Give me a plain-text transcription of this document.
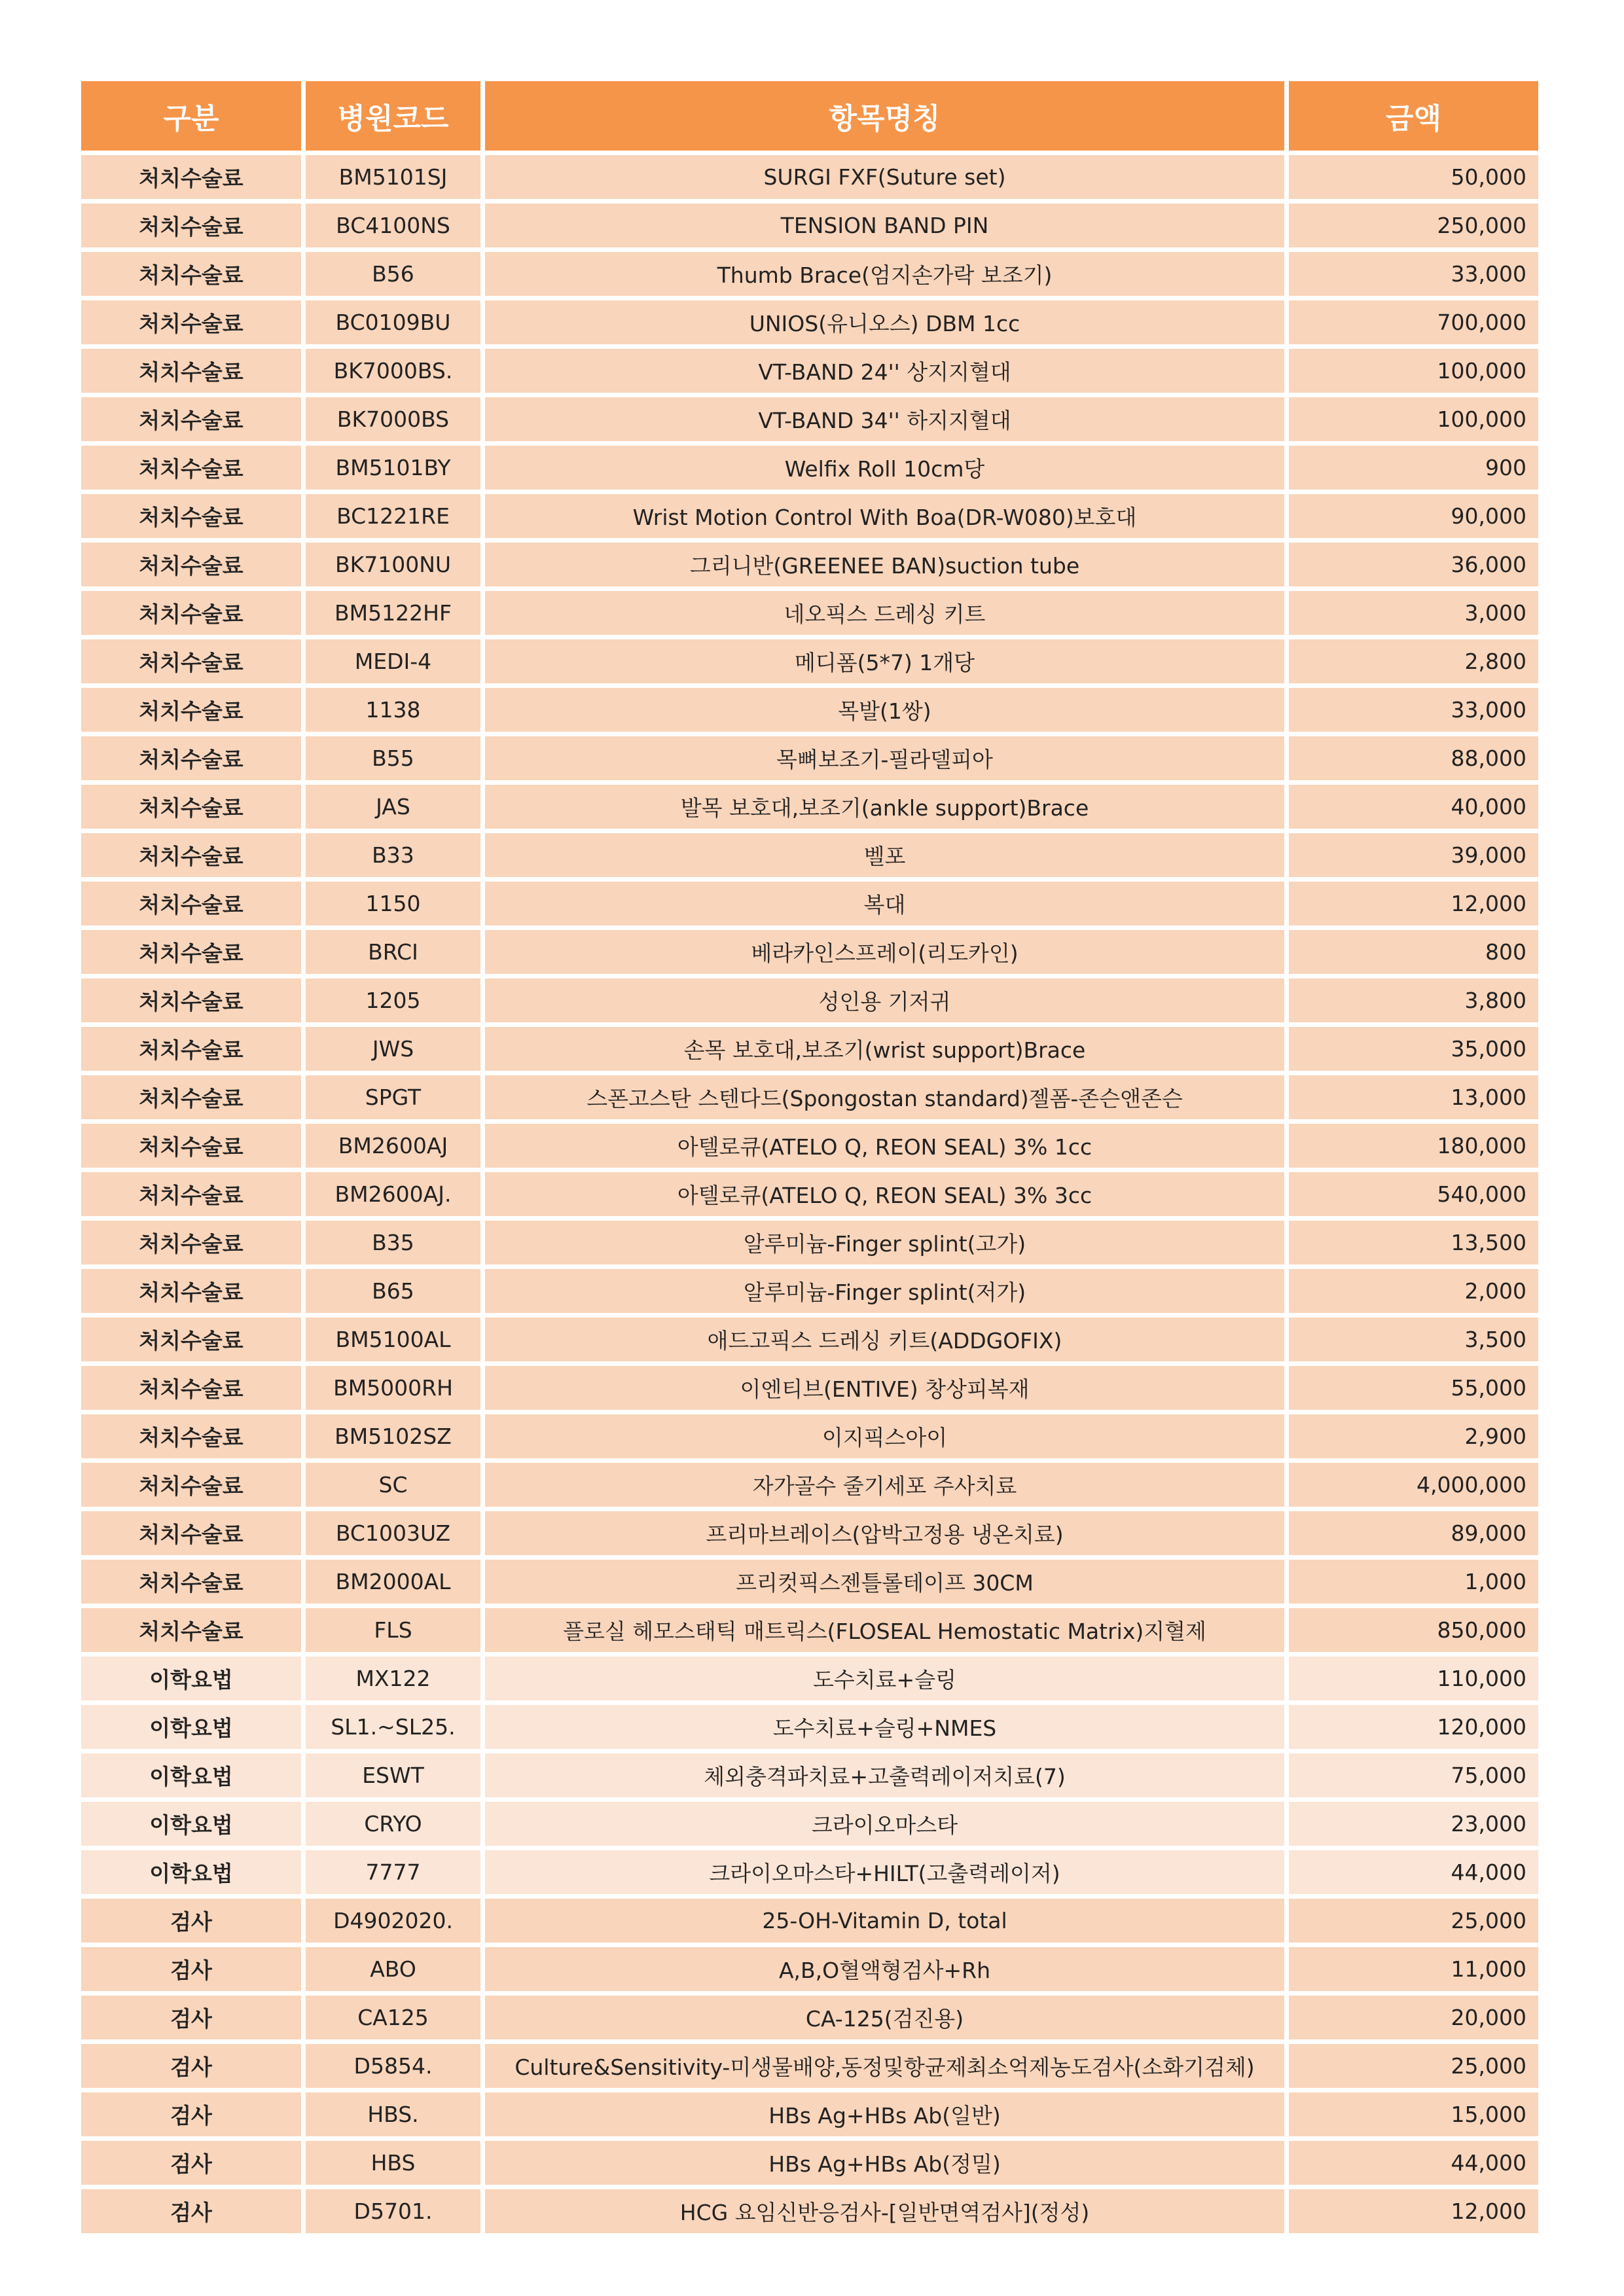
구분	병원코드	항목명칭	금액
처치수술료	BM5101SJ	SURGI FXF(Suture set)	50,000
처치수술료	BC4100NS	TENSION BAND PIN	250,000
처치수술료	B56	Thumb Brace(엄지손가락 보조기)	33,000
처치수술료	BC0109BU	UNIOS(유니오스) DBM 1cc	700,000
처치수술료	BK7000BS.	VT-BAND 24'' 상지지혈대	100,000
처치수술료	BK7000BS	VT-BAND 34'' 하지지혈대	100,000
처치수술료	BM5101BY	Welfix Roll 10cm당	900
처치수술료	BC1221RE	Wrist Motion Control With Boa(DR-W080)보호대	90,000
처치수술료	BK7100NU	그리니반(GREENEE BAN)suction tube	36,000
처치수술료	BM5122HF	네오픽스 드레싱 키트	3,000
처치수술료	MEDI-4	메디폼(5*7) 1개당	2,800
처치수술료	1138	목발(1쌍)	33,000
처치수술료	B55	목뼈보조기-필라델피아	88,000
처치수술료	JAS	발목 보호대,보조기(ankle support)Brace	40,000
처치수술료	B33	벨포	39,000
처치수술료	1150	복대	12,000
처치수술료	BRCI	베라카인스프레이(리도카인)	800
처치수술료	1205	성인용 기저귀	3,800
처치수술료	JWS	손목 보호대,보조기(wrist support)Brace	35,000
처치수술료	SPGT	스폰고스탄 스텐다드(Spongostan standard)젤폼-존슨앤존슨	13,000
처치수술료	BM2600AJ	아텔로큐(ATELO Q, REON SEAL) 3% 1cc	180,000
처치수술료	BM2600AJ.	아텔로큐(ATELO Q, REON SEAL) 3% 3cc	540,000
처치수술료	B35	알루미늄-Finger splint(고가)	13,500
처치수술료	B65	알루미늄-Finger splint(저가)	2,000
처치수술료	BM5100AL	애드고픽스 드레싱 키트(ADDGOFIX)	3,500
처치수술료	BM5000RH	이엔티브(ENTIVE) 창상피복재	55,000
처치수술료	BM5102SZ	이지픽스아이	2,900
처치수술료	SC	자가골수 줄기세포 주사치료	4,000,000
처치수술료	BC1003UZ	프리마브레이스(압박고정용 냉온치료)	89,000
처치수술료	BM2000AL	프리컷픽스젠틀롤테이프 30CM	1,000
처치수술료	FLS	플로실 헤모스태틱 매트릭스(FLOSEAL Hemostatic Matrix)지혈제	850,000
이학요법	MX122	도수치료+슬링	110,000
이학요법	SL1.~SL25.	도수치료+슬링+NMES	120,000
이학요법	ESWT	체외충격파치료+고출력레이저치료(7)	75,000
이학요법	CRYO	크라이오마스타	23,000
이학요법	7777	크라이오마스타+HILT(고출력레이저)	44,000
검사	D4902020.	25-OH-Vitamin D, total	25,000
검사	ABO	A,B,O혈액형검사+Rh	11,000
검사	CA125	CA-125(검진용)	20,000
검사	D5854.	Culture&Sensitivity-미생물배양,동정및항균제최소억제농도검사(소화기검체)	25,000
검사	HBS.	HBs Ag+HBs Ab(일반)	15,000
검사	HBS	HBs Ag+HBs Ab(정밀)	44,000
검사	D5701.	HCG 요임신반응검사-[일반면역검사](정성)	12,000
